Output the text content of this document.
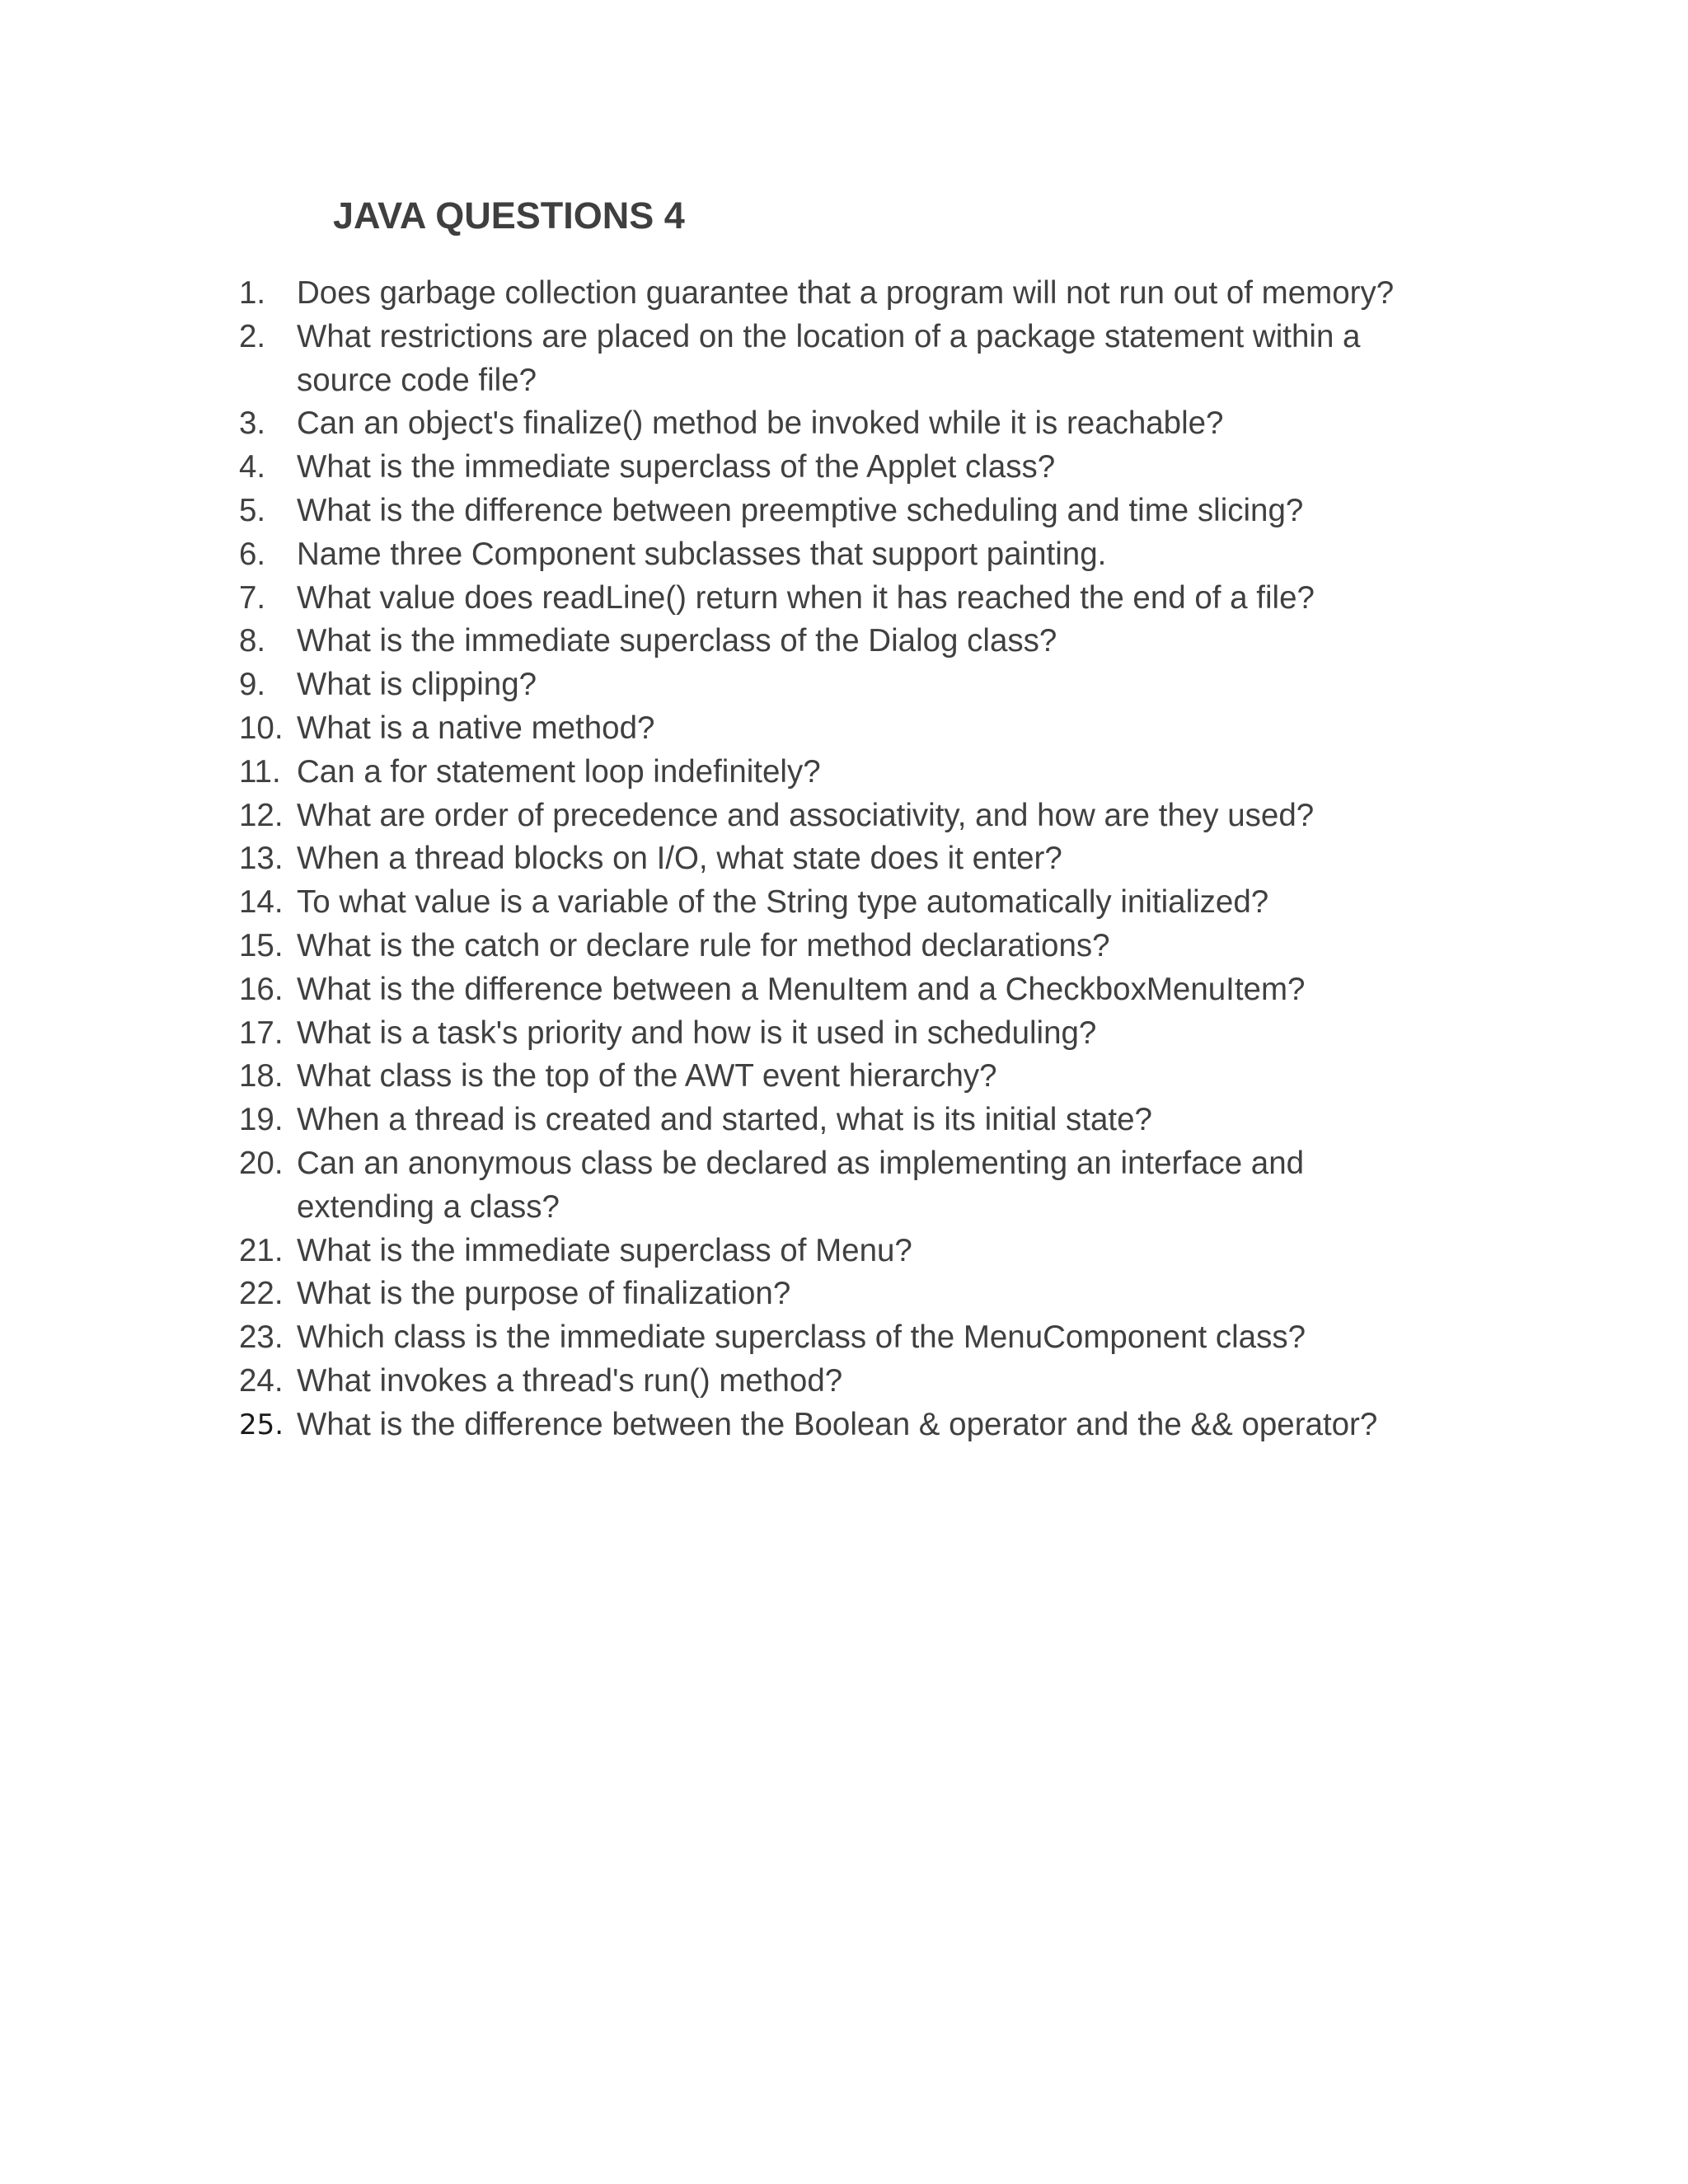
JAVA QUESTIONS 4
1. Does garbage collection guarantee that a program will not run out of memory?
2. What restrictions are placed on the location of a package statement within a
source code file?
3. Can an object's finalize() method be invoked while it is reachable?
4. What is the immediate superclass of the Applet class?
5. What is the difference between preemptive scheduling and time slicing?
6. Name three Component subclasses that support painting.
7. What value does readLine() return when it has reached the end of a file?
8. What is the immediate superclass of the Dialog class?
9. What is clipping?
10. What is a native method?
11. Can a for statement loop indefinitely?
12. What are order of precedence and associativity, and how are they used?
13. When a thread blocks on I/O, what state does it enter?
14. To what value is a variable of the String type automatically initialized?
15. What is the catch or declare rule for method declarations?
16. What is the difference between a MenuItem and a CheckboxMenuItem?
17. What is a task's priority and how is it used in scheduling?
18. What class is the top of the AWT event hierarchy?
19. When a thread is created and started, what is its initial state?
20. Can an anonymous class be declared as implementing an interface and
extending a class?
21. What is the immediate superclass of Menu?
22. What is the purpose of finalization?
23. Which class is the immediate superclass of the MenuComponent class?
24. What invokes a thread's run() method?
25. What is the difference between the Boolean & operator and the && operator?
